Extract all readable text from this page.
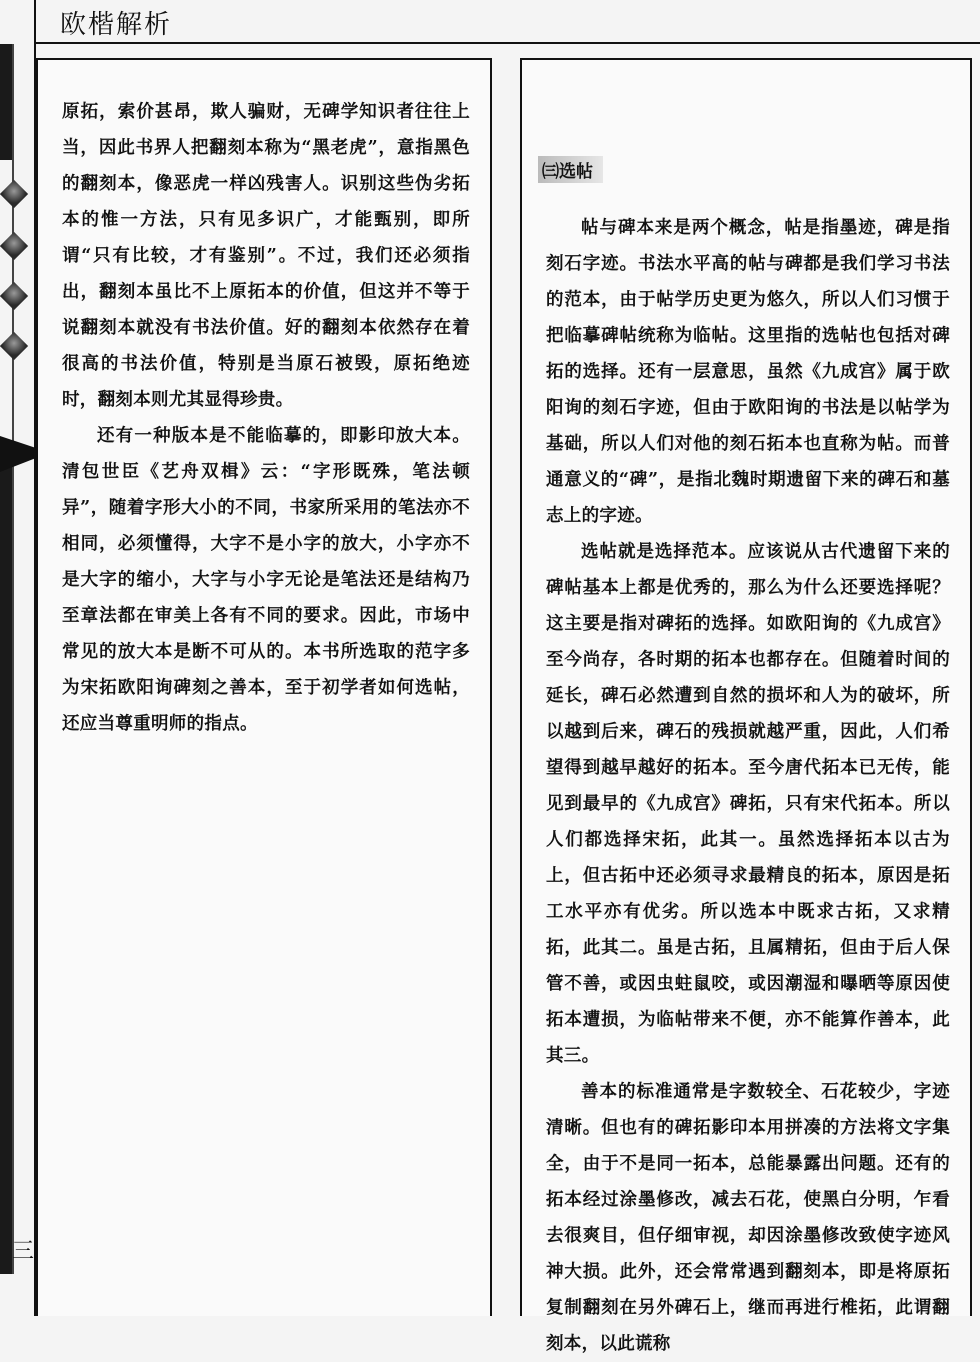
欧楷解析
三

原拓，索价甚昂，欺人骗财，无碑学知识者往往上当，因此书界人把翻刻本称为“黑老虎”，意指黑色的翻刻本，像恶虎一样凶残害人。识别这些伪劣拓本的惟一方法，只有见多识广，才能甄别，即所谓“只有比较，才有鉴别”。不过，我们还必须指出，翻刻本虽比不上原拓本的价值，但这并不等于说翻刻本就没有书法价值。好的翻刻本依然存在着很高的书法价值，特别是当原石被毁，原拓绝迹时，翻刻本则尤其显得珍贵。

还有一种版本是不能临摹的，即影印放大本。清包世臣《艺舟双楫》云：“字形既殊，笔法顿异”，随着字形大小的不同，书家所采用的笔法亦不相同，必须懂得，大字不是小字的放大，小字亦不是大字的缩小，大字与小字无论是笔法还是结构乃至章法都在审美上各有不同的要求。因此，市场中常见的放大本是断不可从的。本书所选取的范字多为宋拓欧阳询碑刻之善本，至于初学者如何选帖，还应当尊重明师的指点。

㈢选帖

帖与碑本来是两个概念，帖是指墨迹，碑是指刻石字迹。书法水平高的帖与碑都是我们学习书法的范本，由于帖学历史更为悠久，所以人们习惯于把临摹碑帖统称为临帖。这里指的选帖也包括对碑拓的选择。还有一层意思，虽然《九成宫》属于欧阳询的刻石字迹，但由于欧阳询的书法是以帖学为基础，所以人们对他的刻石拓本也直称为帖。而普通意义的“碑”，是指北魏时期遗留下来的碑石和墓志上的字迹。

选帖就是选择范本。应该说从古代遗留下来的碑帖基本上都是优秀的，那么为什么还要选择呢？这主要是指对碑拓的选择。如欧阳询的《九成宫》至今尚存，各时期的拓本也都存在。但随着时间的延长，碑石必然遭到自然的损坏和人为的破坏，所以越到后来，碑石的残损就越严重，因此，人们希望得到越早越好的拓本。至今唐代拓本已无传，能见到最早的《九成宫》碑拓，只有宋代拓本。所以人们都选择宋拓，此其一。虽然选择拓本以古为上，但古拓中还必须寻求最精良的拓本，原因是拓工水平亦有优劣。所以选本中既求古拓，又求精拓，此其二。虽是古拓，且属精拓，但由于后人保管不善，或因虫蛀鼠咬，或因潮湿和曝晒等原因使拓本遭损，为临帖带来不便，亦不能算作善本，此其三。

善本的标准通常是字数较全、石花较少，字迹清晰。但也有的碑拓影印本用拼凑的方法将文字集全，由于不是同一拓本，总能暴露出问题。还有的拓本经过涂墨修改，减去石花，使黑白分明，乍看去很爽目，但仔细审视，却因涂墨修改致使字迹风神大损。此外，还会常常遇到翻刻本，即是将原拓复制翻刻在另外碑石上，继而再进行椎拓，此谓翻刻本，以此谎称
